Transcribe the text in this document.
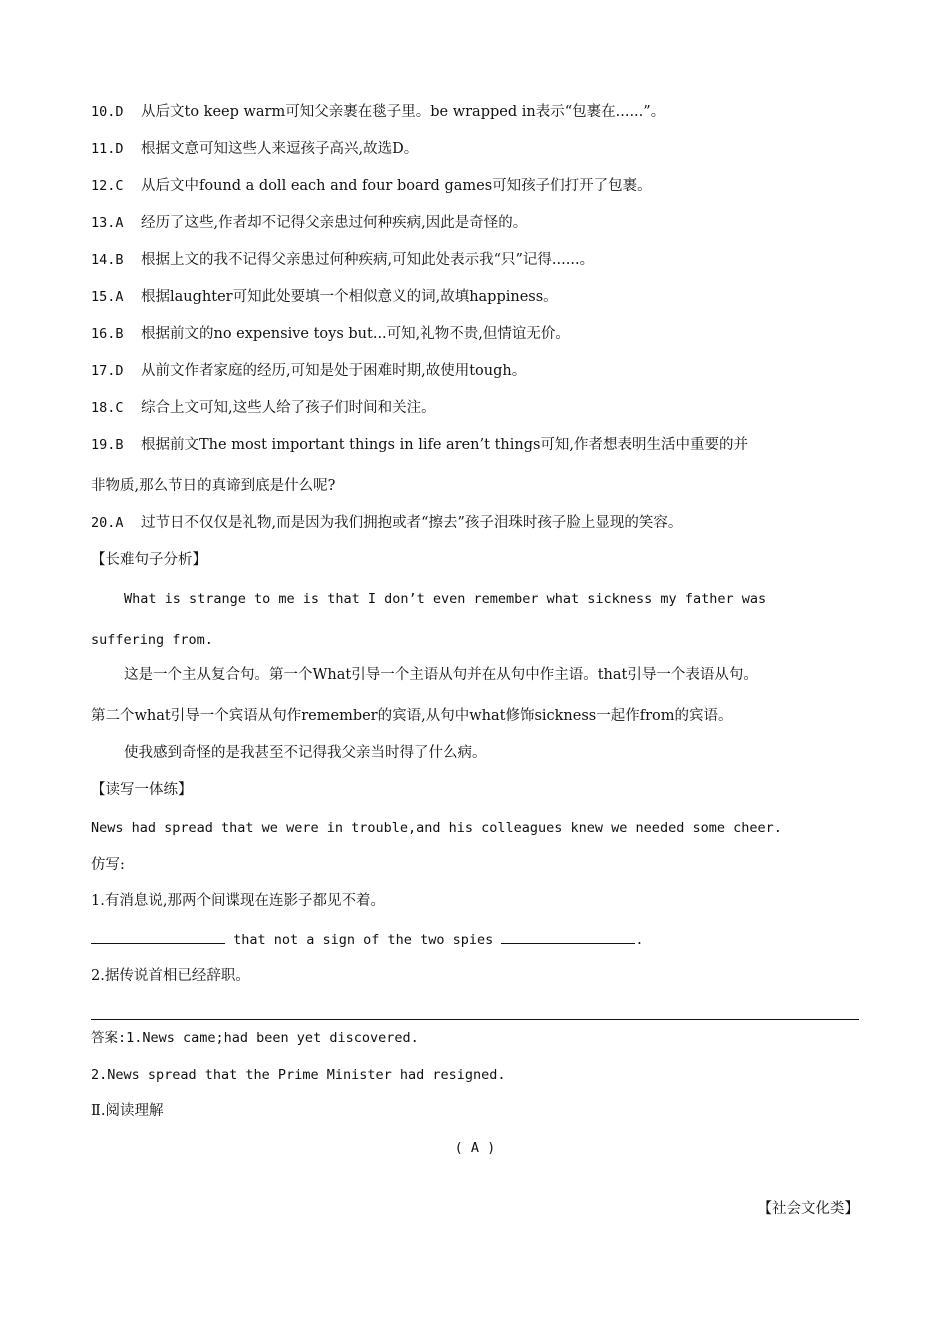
10.D 从后文to keep warm可知父亲裹在毯子里。be wrapped in表示“包裹在......”。
11.D 根据文意可知这些人来逗孩子高兴,故选D。
12.C 从后文中found a doll each and four board games可知孩子们打开了包裹。
13.A 经历了这些,作者却不记得父亲患过何种疾病,因此是奇怪的。
14.B 根据上文的我不记得父亲患过何种疾病,可知此处表示我“只”记得......。
15.A 根据laughter可知此处要填一个相似意义的词,故填happiness。
16.B 根据前文的no expensive toys but...可知,礼物不贵,但情谊无价。
17.D 从前文作者家庭的经历,可知是处于困难时期,故使用tough。
18.C 综合上文可知,这些人给了孩子们时间和关注。
19.B 根据前文The most important things in life aren’t things可知,作者想表明生活中重要的并
非物质,那么节日的真谛到底是什么呢?
20.A 过节日不仅仅是礼物,而是因为我们拥抱或者“擦去”孩子泪珠时孩子脸上显现的笑容。
【长难句子分析】
What is strange to me is that I don’t even remember what sickness my father was
suffering from.
这是一个主从复合句。第一个What引导一个主语从句并在从句中作主语。that引导一个表语从句。
第二个what引导一个宾语从句作remember的宾语,从句中what修饰sickness一起作from的宾语。
使我感到奇怪的是我甚至不记得我父亲当时得了什么病。
【读写一体练】
News had spread that we were in trouble,and his colleagues knew we needed some cheer.
仿写:
1.有消息说,那两个间谍现在连影子都见不着。
that not a sign of the two spies	.
2.据传说首相已经辞职。
答案:1.News came;had been yet discovered.
2.News spread that the Prime Minister had resigned.
Ⅱ.阅读理解
( A )
【社会文化类】
